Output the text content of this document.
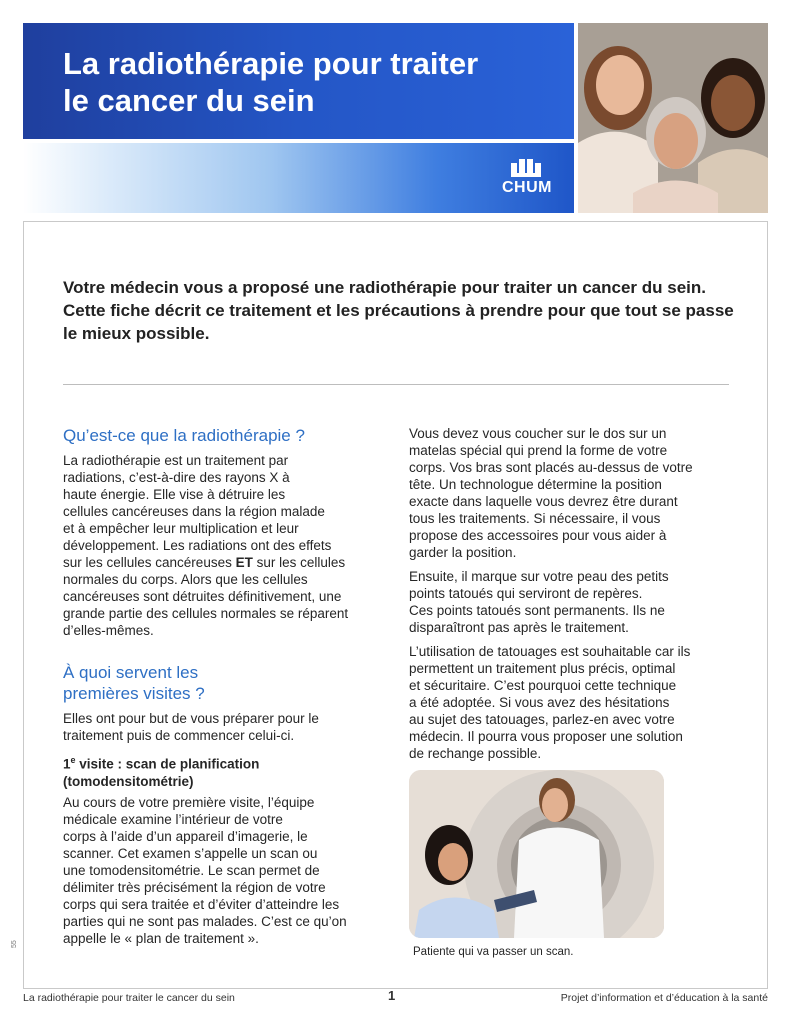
La radiothérapie pour traiter
le cancer du sein
CHUM

Votre médecin vous a proposé une radiothérapie pour traiter un cancer du sein. Cette fiche décrit ce traitement et les précautions à prendre pour que tout se passe le mieux possible.

Qu’est-ce que la radiothérapie ?
La radiothérapie est un traitement par
radiations, c’est-à-dire des rayons X à
haute énergie. Elle vise à détruire les
cellules cancéreuses dans la région malade
et à empêcher leur multiplication et leur
développement. Les radiations ont des effets
sur les cellules cancéreuses ET sur les cellules
normales du corps. Alors que les cellules
cancéreuses sont détruites définitivement, une
grande partie des cellules normales se réparent
d’elles-mêmes.
À quoi servent les
premières visites ?
Elles ont pour but de vous préparer pour le
traitement puis de commencer celui-ci.
1e visite : scan de planification
(tomodensitométrie)
Au cours de votre première visite, l’équipe
médicale examine l’intérieur de votre
corps à l’aide d’un appareil d’imagerie, le
scanner. Cet examen s’appelle un scan ou
une tomodensitométrie. Le scan permet de
délimiter très précisément la région de votre
corps qui sera traitée et d’éviter d’atteindre les
parties qui ne sont pas malades. C’est ce qu’on
appelle le « plan de traitement ».
Vous devez vous coucher sur le dos sur un
matelas spécial qui prend la forme de votre
corps. Vos bras sont placés au-dessus de votre
tête. Un technologue détermine la position
exacte dans laquelle vous devrez être durant
tous les traitements. Si nécessaire, il vous
propose des accessoires pour vous aider à
garder la position.
Ensuite, il marque sur votre peau des petits
points tatoués qui serviront de repères.
Ces points tatoués sont permanents. Ils ne
disparaîtront pas après le traitement.
L’utilisation de tatouages est souhaitable car ils
permettent un traitement plus précis, optimal
et sécuritaire. C’est pourquoi cette technique
a été adoptée. Si vous avez des hésitations
au sujet des tatouages, parlez-en avec votre
médecin. Il pourra vous proposer une solution
de rechange possible.
Patiente qui va passer un scan.
55
La radiothérapie pour traiter le cancer du sein	1	Projet d’information et d’éducation à la santé
